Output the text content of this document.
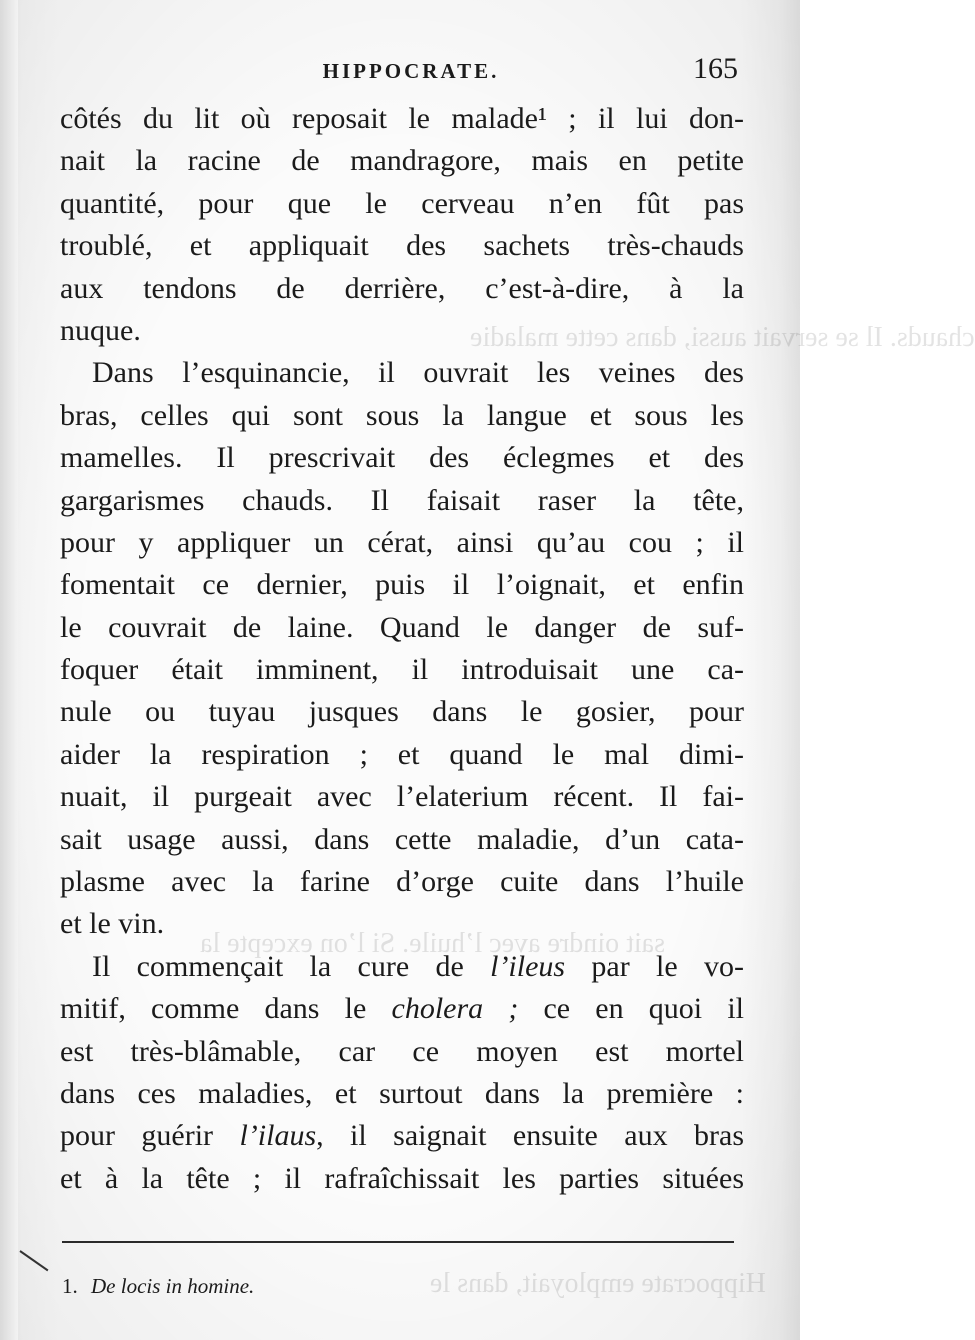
chauds. Il se servait aussi, dans cette maladie
sait oindre avec l’huile. Si l’on excepte la
Hippocrate employait, dans le
HIPPOCRATE.	165
côtés du lit où reposait le malade¹ ; il lui don-
nait la racine de mandragore, mais en petite
quantité, pour que le cerveau n’en fût pas
troublé, et appliquait des sachets très-chauds
aux tendons de derrière, c’est-à-dire, à la
nuque.
Dans l’esquinancie, il ouvrait les veines des
bras, celles qui sont sous la langue et sous les
mamelles. Il prescrivait des éclegmes et des
gargarismes chauds. Il faisait raser la tête,
pour y appliquer un cérat, ainsi qu’au cou ; il
fomentait ce dernier, puis il l’oignait, et enfin
le couvrait de laine. Quand le danger de suf-
foquer était imminent, il introduisait une ca-
nule ou tuyau jusques dans le gosier, pour
aider la respiration ; et quand le mal dimi-
nuait, il purgeait avec l’elaterium récent. Il fai-
sait usage aussi, dans cette maladie, d’un cata-
plasme avec la farine d’orge cuite dans l’huile
et le vin.
Il commençait la cure de l’ileus par le vo-
mitif, comme dans le cholera ; ce en quoi il
est très-blâmable, car ce moyen est mortel
dans ces maladies, et surtout dans la première :
pour guérir l’ilaus, il saignait ensuite aux bras
et à la tête ; il rafraîchissait les parties situées
1. De locis in homine.
